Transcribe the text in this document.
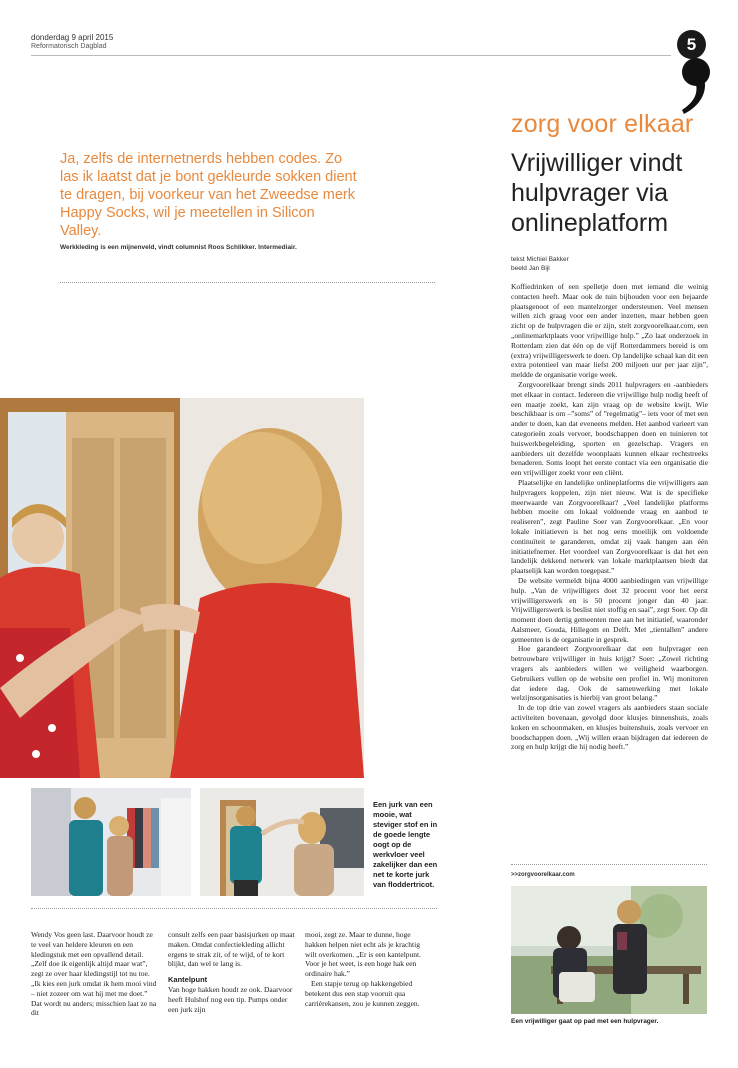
donderdag 9 april 2015
Reformatorisch Dagblad	5
zorg voor elkaar
Vrijwilliger vindt hulpvrager via onlineplatform
tekst Michiel Bakker
beeld Jan Bijl

Koffiedrinken of een spelletje doen met iemand die weinig contacten heeft. Maar ook de tuin bijhouden voor een bejaarde plaatsgenoot of een mantelzorger ondersteunen. Veel mensen willen zich graag voor een ander inzetten, maar hebben geen zicht op de hulpvragen die er zijn, stelt zorgvoorelkaar.com, een „onlinemarktplaats voor vrijwillige hulp.” „Zo laat onderzoek in Rotterdam zien dat één op de vijf Rotterdammers bereid is om (extra) vrijwilligerswerk te doen. Op landelijke schaal kan dit een extra potentieel van maar liefst 200 miljoen uur per jaar zijn”, meldde de organisatie vorige week.

Zorgvoorelkaar brengt sinds 2011 hulpvragers en -aanbieders met elkaar in contact. Iedereen die vrijwillige hulp nodig heeft of een maatje zoekt, kan zijn vraag op de website kwijt. Wie beschikbaar is om –”soms” of ”regelmatig”– iets voor of met een ander te doen, kan dat eveneens melden. Het aanbod varieert van categorieën zoals vervoer, boodschappen doen en tuinieren tot huiswerkbegeleiding, sporten en gezelschap. Vragers en aanbieders uit dezelfde woonplaats kunnen elkaar rechtstreeks benaderen. Soms loopt het eerste contact via een organisatie die een vrijwilliger zoekt voor een cliënt.

Plaatselijke en landelijke onlineplatforms die vrijwilligers aan hulpvragers koppelen, zijn niet nieuw. Wat is de specifieke meerwaarde van Zorgvoorelkaar? „Veel landelijke platforms hebben moeite om lokaal voldoende vraag en aanbod te realiseren”, zegt Pauline Soer van Zorgvoorelkaar. „En voor lokale initiatieven is het nog eens moeilijk om voldoende continuïteit te garanderen, omdat zij vaak hangen aan één initiatiefnemer. Het voordeel van Zorgvoorelkaar is dat het een landelijk dekkend netwerk van lokale marktplaatsen biedt dat plaatselijk kan worden toegepast.”

De website vermeldt bijna 4000 aanbiedingen van vrijwillige hulp. „Van de vrijwilligers doet 32 procent voor het eerst vrijwilligerswerk en is 50 procent jonger dan 40 jaar. Vrijwilligerswerk is beslist niet stoffig en saai”, zegt Soer. Op dit moment doen dertig gemeenten mee aan het initiatief, waaronder Aalsmeer, Gouda, Hillegom en Delft. Met „tientallen” andere gemeenten is de organisatie in gesprek.

Hoe garandeert Zorgvoorelkaar dat een hulpvrager een betrouwbare vrijwilliger in huis krijgt? Soer: „Zowel richting vragers als aanbieders willen we veiligheid waarborgen. Gebruikers vullen op de website een profiel in. Wij monitoren dat iedere dag. Ook de samenwerking met lokale welzijnsorganisaties is hierbij van groot belang.”

In de top drie van zowel vragers als aanbieders staan sociale activiteiten bovenaan, gevolgd door klusjes binnenshuis, zoals koken en schoonmaken, en klusjes buitenshuis, zoals vervoer en boodschappen doen. „Wij willen eraan bijdragen dat iedereen de zorg en hulp krijgt die hij nodig heeft.”

>>zorgvoorelkaar.com
Een vrijwilliger gaat op pad met een hulpvrager.
Ja, zelfs de internetnerds hebben codes. Zo las ik laatst dat je bont gekleurde sokken dient te dragen, bij voorkeur van het Zweedse merk Happy Socks, wil je meetellen in Silicon Valley.
Werkkleding is een mijnenveld, vindt columnist Roos Schlikker. Intermediair.
Een jurk van een mooie, wat steviger stof en in de goede lengte oogt op de werkvloer veel zakelijker dan een net te korte jurk van floddertricot.

Wendy Vos geen last. Daarvoor houdt ze te veel van heldere kleuren en een kledingstuk met een opvallend detail. „Zelf doe ik eigenlijk altijd maar wat”, zegt ze over haar kledingstijl tot nu toe. „Ik kies een jurk omdat ik hem mooi vind – niet zozeer om wat hij met me doet.” Dat wordt nu anders; misschien laat ze na dit

consult zelfs een paar basisjurken op maat maken. Omdat confectiekleding allicht ergens te strak zit, of te wijd, of te kort blijkt, dan wel te lang is.

Kantelpunt

Van hoge hakken houdt ze ook. Daarvoor heeft Hulshof nog een tip. Pumps onder een jurk zijn

mooi, zegt ze. Maar te dunne, hoge hakken helpen niet echt als je krachtig wilt overkomen. „Er is een kantelpunt. Voor je het weet, is een hoge hak een ordinaire hak.”

Een stapje terug op hakkengebied betekent dus een stap vooruit qua carrièrekansen, zou je kunnen zeggen.
